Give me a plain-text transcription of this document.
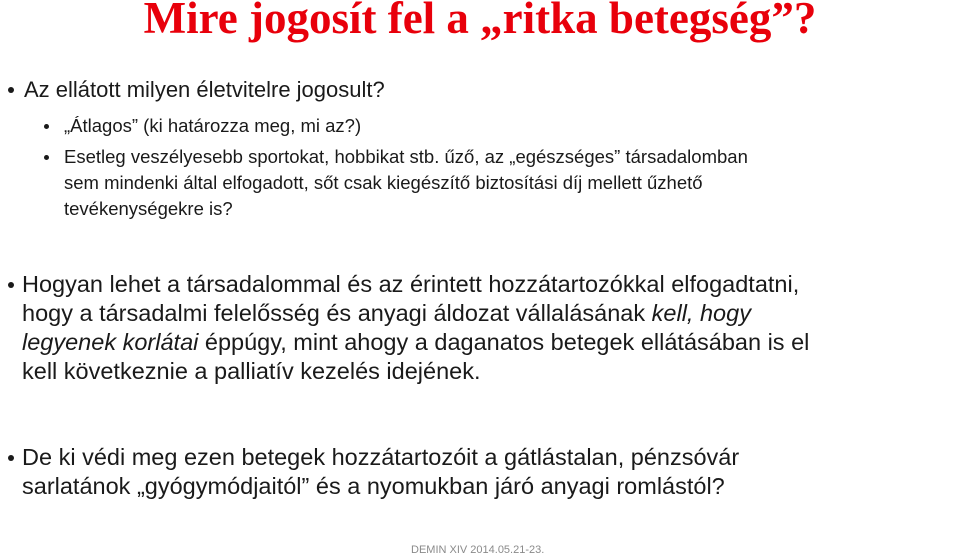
Mire jogosít fel a „ritka betegség”?
Az ellátott milyen életvitelre jogosult?
„Átlagos” (ki határozza meg, mi az?)
Esetleg veszélyesebb sportokat, hobbikat stb. űző, az „egészséges” társadalomban
sem mindenki által elfogadott, sőt csak kiegészítő biztosítási díj mellett űzhető
tevékenységekre is?
Hogyan lehet a társadalommal és az érintett hozzátartozókkal elfogadtatni,
hogy a társadalmi felelősség és anyagi áldozat vállalásának kell, hogy
legyenek korlátai éppúgy, mint ahogy a daganatos betegek ellátásában is el
kell következnie a palliatív kezelés idejének.
De ki védi meg ezen betegek hozzátartozóit a gátlástalan, pénzsóvár
sarlatánok „gyógymódjaitól” és a nyomukban járó anyagi romlástól?
DEMIN XIV 2014.05.21-23.
